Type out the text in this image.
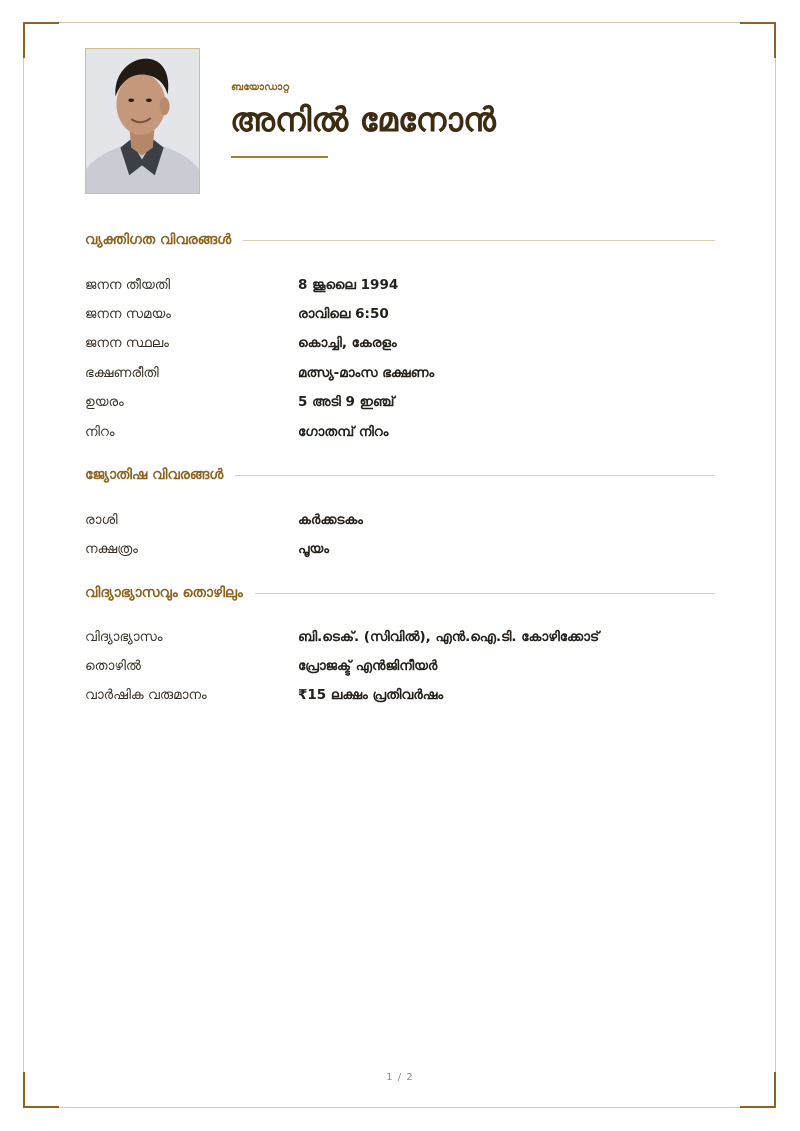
ബയോഡാറ്റ
അനിൽ മേനോൻ
വ്യക്തിഗത വിവരങ്ങൾ
ജനന തീയതി	8 ജൂലൈ 1994
ജനന സമയം	രാവിലെ 6:50
ജനന സ്ഥലം	കൊച്ചി, കേരളം
ഭക്ഷണരീതി	മത്സ്യ-മാംസ ഭക്ഷണം
ഉയരം	5 അടി 9 ഇഞ്ച്
നിറം	ഗോതമ്പ് നിറം
ജ്യോതിഷ വിവരങ്ങൾ
രാശി	കർക്കടകം
നക്ഷത്രം	പൂയം
വിദ്യാഭ്യാസവും തൊഴിലും
വിദ്യാഭ്യാസം	ബി.ടെക്. (സിവിൽ), എൻ.ഐ.ടി. കോഴിക്കോട്
തൊഴിൽ	പ്രോജക്ട് എൻജിനീയർ
വാർഷിക വരുമാനം	₹15 ലക്ഷം പ്രതിവർഷം
1 / 2
